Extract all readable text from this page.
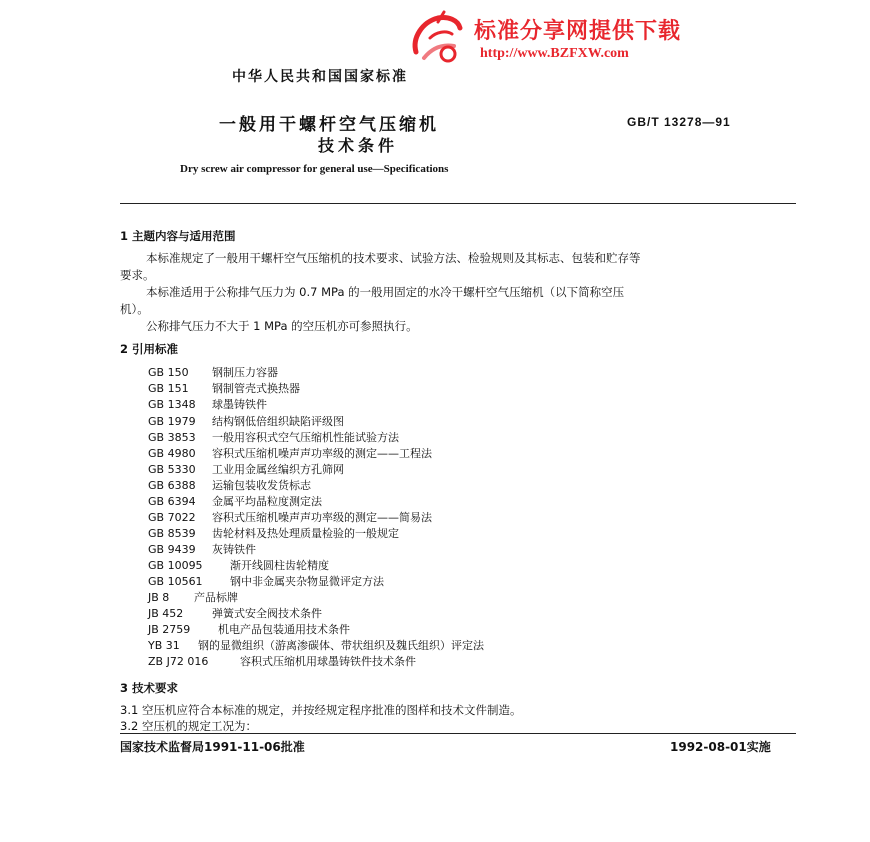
标准分享网提供下载
http://www.BZFXW.com
中华人民共和国国家标准
一般用干螺杆空气压缩机
技术条件
GB/T 13278—91
Dry screw air compressor for general use—Specifications
1 主题内容与适用范围
本标准规定了一般用干螺杆空气压缩机的技术要求、试验方法、检验规则及其标志、包装和贮存等
要求。
本标准适用于公称排气压力为 0.7 MPa 的一般用固定的水冷干螺杆空气压缩机（以下简称空压
机）。
公称排气压力不大于 1 MPa 的空压机亦可参照执行。
2 引用标准
GB 150 钢制压力容器
GB 151 钢制管壳式换热器
GB 1348 球墨铸铁件
GB 1979 结构钢低倍组织缺陷评级图
GB 3853 一般用容积式空气压缩机性能试验方法
GB 4980 容积式压缩机噪声声功率级的测定——工程法
GB 5330 工业用金属丝编织方孔筛网
GB 6388 运输包装收发货标志
GB 6394 金属平均晶粒度测定法
GB 7022 容积式压缩机噪声声功率级的测定——简易法
GB 8539 齿轮材料及热处理质量检验的一般规定
GB 9439 灰铸铁件
GB 10095 渐开线圆柱齿轮精度
GB 10561 钢中非金属夹杂物显微评定方法
JB 8 产品标牌
JB 452	弹簧式安全阀技术条件
JB 2759	机电产品包装通用技术条件
YB 31 钢的显微组织（游离渗碳体、带状组织及魏氏组织）评定法
ZB J72 016	容积式压缩机用球墨铸铁件技术条件
3 技术要求
3.1 空压机应符合本标准的规定，并按经规定程序批准的图样和技术文件制造。
3.2 空压机的规定工况为：
国家技术监督局1991-11-06批准	1992-08-01实施
